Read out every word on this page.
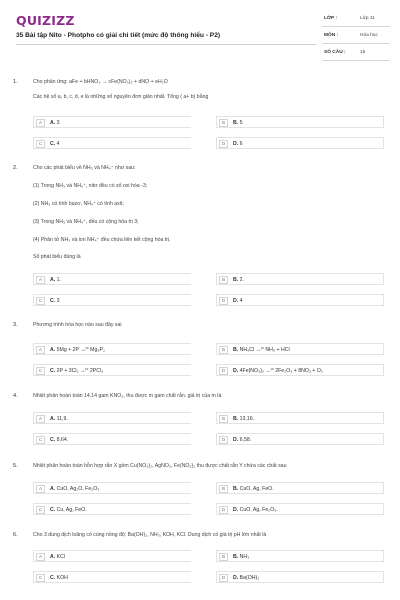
QUIZIZZ
35 Bài tập Nito - Photpho có giải chi tiết (mức độ thông hiểu - P2)
LỚP :	Lớp 11
MÔN :	Hóa học
SỐ CÂU :	15
1.	Cho phản ứng: aFe + bHNO₃ → cFe(NO₃)₃ + dNO + eH₂O
Các hệ số a, b, c, d, e là những số nguyên đơn giản nhất. Tổng ( a+ b) bằng
A	A. 3	B	B. 5
C	C. 4	D	D. 6
2.	Cho các phát biểu về NH₃ và NH₄⁺ như sau:
(1) Trong NH₃ và NH₄⁺, nitơ đều có số oxi hóa -3;
(2) NH₃ có tính bazơ, NH₄⁺ có tính axit;
(3) Trong NH₃ và NH₄⁺, đều có cộng hóa trị 3;
(4) Phân tử NH₃ và ion NH₄⁺ đều chứa liên kết cộng hóa trị.
Số phát biểu đúng là
A	A. 1.	B	B. 2.
C	C. 3	D	D. 4
3.	Phương trình hóa học nào sau đây sai
A	A. 5Mg + 2P →ᵗ° Mg₃P₂	B	B. NH₄Cl →ᵗ° NH₃ + HCl
C	C. 2P + 3Cl₂ →ᵗ° 2PCl₃	D	D. 4Fe(NO₃)₂ →ᵗ° 2Fe₂O₃ + 8NO₂ + O₂
4.	Nhiệt phân hoàn toàn 14,14 gam KNO₃, thu được m gam chất rắn. giá trị của m là
A	A. 11,9.	B	B. 13,16.
C	C. 8,64.	D	D. 6,58.
5.	Nhiệt phân hoàn toàn hỗn hợp rắn X gồm Cu(NO₃)₂, AgNO₃, Fe(NO₃)₂ thu được chất rắn Y chứa các chất sau
A	A. CuO, Ag₂O, Fe₂O₃	B	B. CuO, Ag, FeO.
C	C. Cu, Ag, FeO.	D	D. CuO, Ag, Fe₂O₃.
6.	Cho 3 dung dịch loãng có cùng nồng độ: Ba(OH)₂, NH₃, KOH, KCl. Dung dịch có giá trị pH lớn nhất là
A	A. KCl	B	B. NH₃
C	C. KOH	D	D. Ba(OH)₂
